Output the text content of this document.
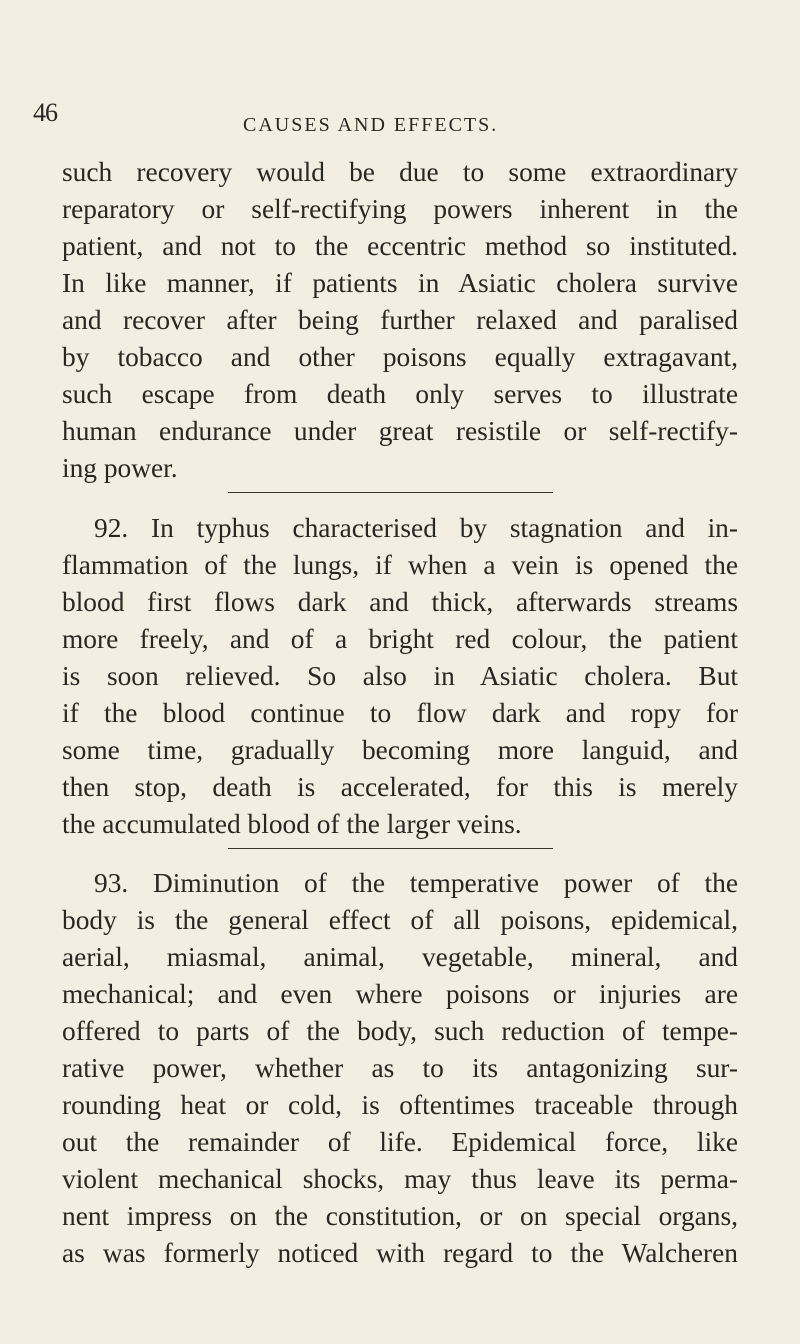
46	CAUSES AND EFFECTS.

such recovery would be due to some extraordinary
reparatory or self-rectifying powers inherent in the
patient, and not to the eccentric method so instituted.
In like manner, if patients in Asiatic cholera survive
and recover after being further relaxed and paralised
by tobacco and other poisons equally extragavant,
such escape from death only serves to illustrate
human endurance under great resistile or self-rectify-
ing power.

92. In typhus characterised by stagnation and in-
flammation of the lungs, if when a vein is opened the
blood first flows dark and thick, afterwards streams
more freely, and of a bright red colour, the patient
is soon relieved. So also in Asiatic cholera. But
if the blood continue to flow dark and ropy for
some time, gradually becoming more languid, and
then stop, death is accelerated, for this is merely
the accumulated blood of the larger veins.

93. Diminution of the temperative power of the
body is the general effect of all poisons, epidemical,
aerial, miasmal, animal, vegetable, mineral, and
mechanical; and even where poisons or injuries are
offered to parts of the body, such reduction of tempe-
rative power, whether as to its antagonizing sur-
rounding heat or cold, is oftentimes traceable through
out the remainder of life. Epidemical force, like
violent mechanical shocks, may thus leave its perma-
nent impress on the constitution, or on special organs,
as was formerly noticed with regard to the Walcheren
